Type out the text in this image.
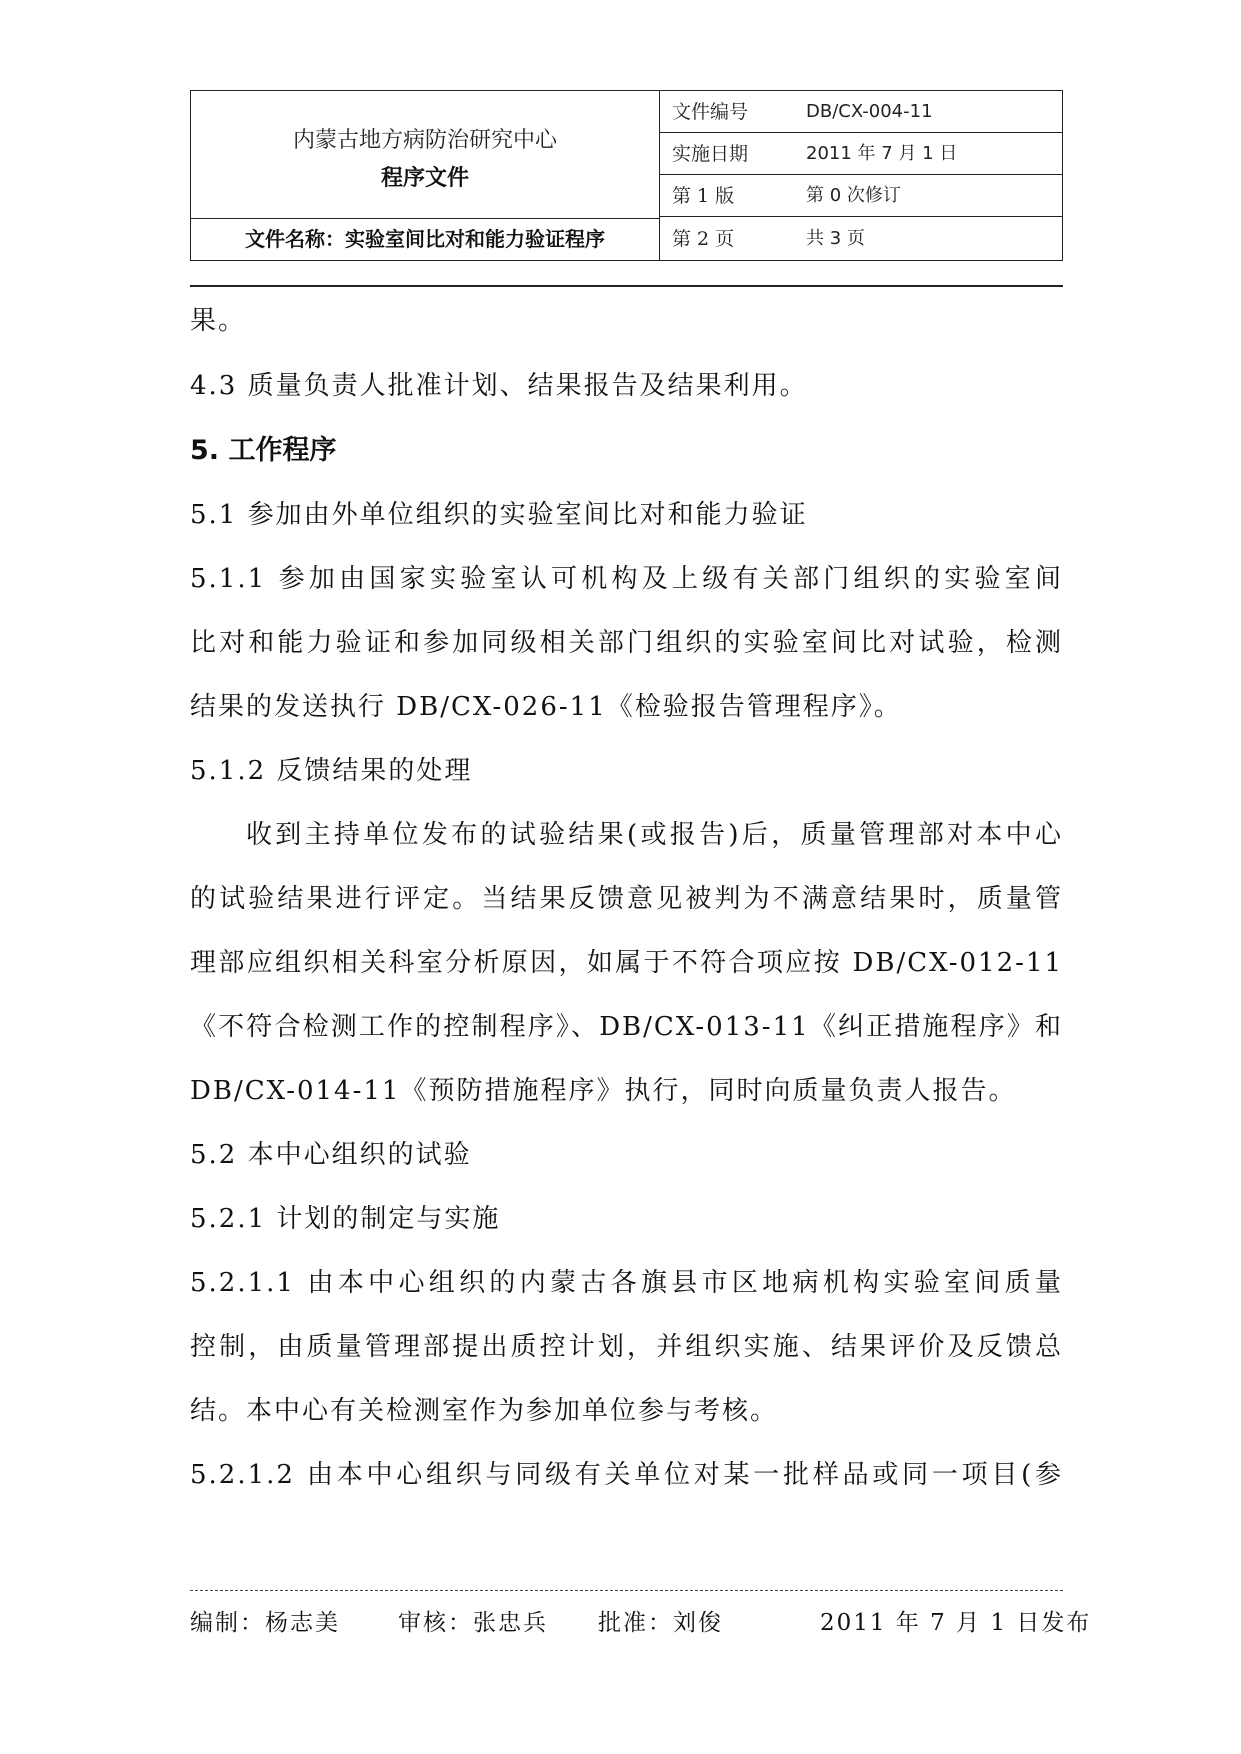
内蒙古地方病防治研究中心
程序文件
文件名称：实验室间比对和能力验证程序
文件编号	DB/CX-004-11
实施日期	2011 年 7 月 1 日
第 1 版	第 0 次修订
第 2 页	共 3 页
果。
4.3 质量负责人批准计划、结果报告及结果利用。
5. 工作程序
5.1 参加由外单位组织的实验室间比对和能力验证
5.1.1 参加由国家实验室认可机构及上级有关部门组织的实验室间
比对和能力验证和参加同级相关部门组织的实验室间比对试验，检测
结果的发送执行 DB/CX-026-11《检验报告管理程序》。
5.1.2 反馈结果的处理
收到主持单位发布的试验结果(或报告)后，质量管理部对本中心
的试验结果进行评定。当结果反馈意见被判为不满意结果时，质量管
理部应组织相关科室分析原因，如属于不符合项应按 DB/CX-012-11
《不符合检测工作的控制程序》、DB/CX-013-11《纠正措施程序》和
DB/CX-014-11《预防措施程序》执行，同时向质量负责人报告。
5.2 本中心组织的试验
5.2.1 计划的制定与实施
5.2.1.1 由本中心组织的内蒙古各旗县市区地病机构实验室间质量
控制，由质量管理部提出质控计划，并组织实施、结果评价及反馈总
结。本中心有关检测室作为参加单位参与考核。
5.2.1.2 由本中心组织与同级有关单位对某一批样品或同一项目(参
编制：杨志美	审核：张忠兵 批准：刘俊	2011 年 7 月 1 日发布
